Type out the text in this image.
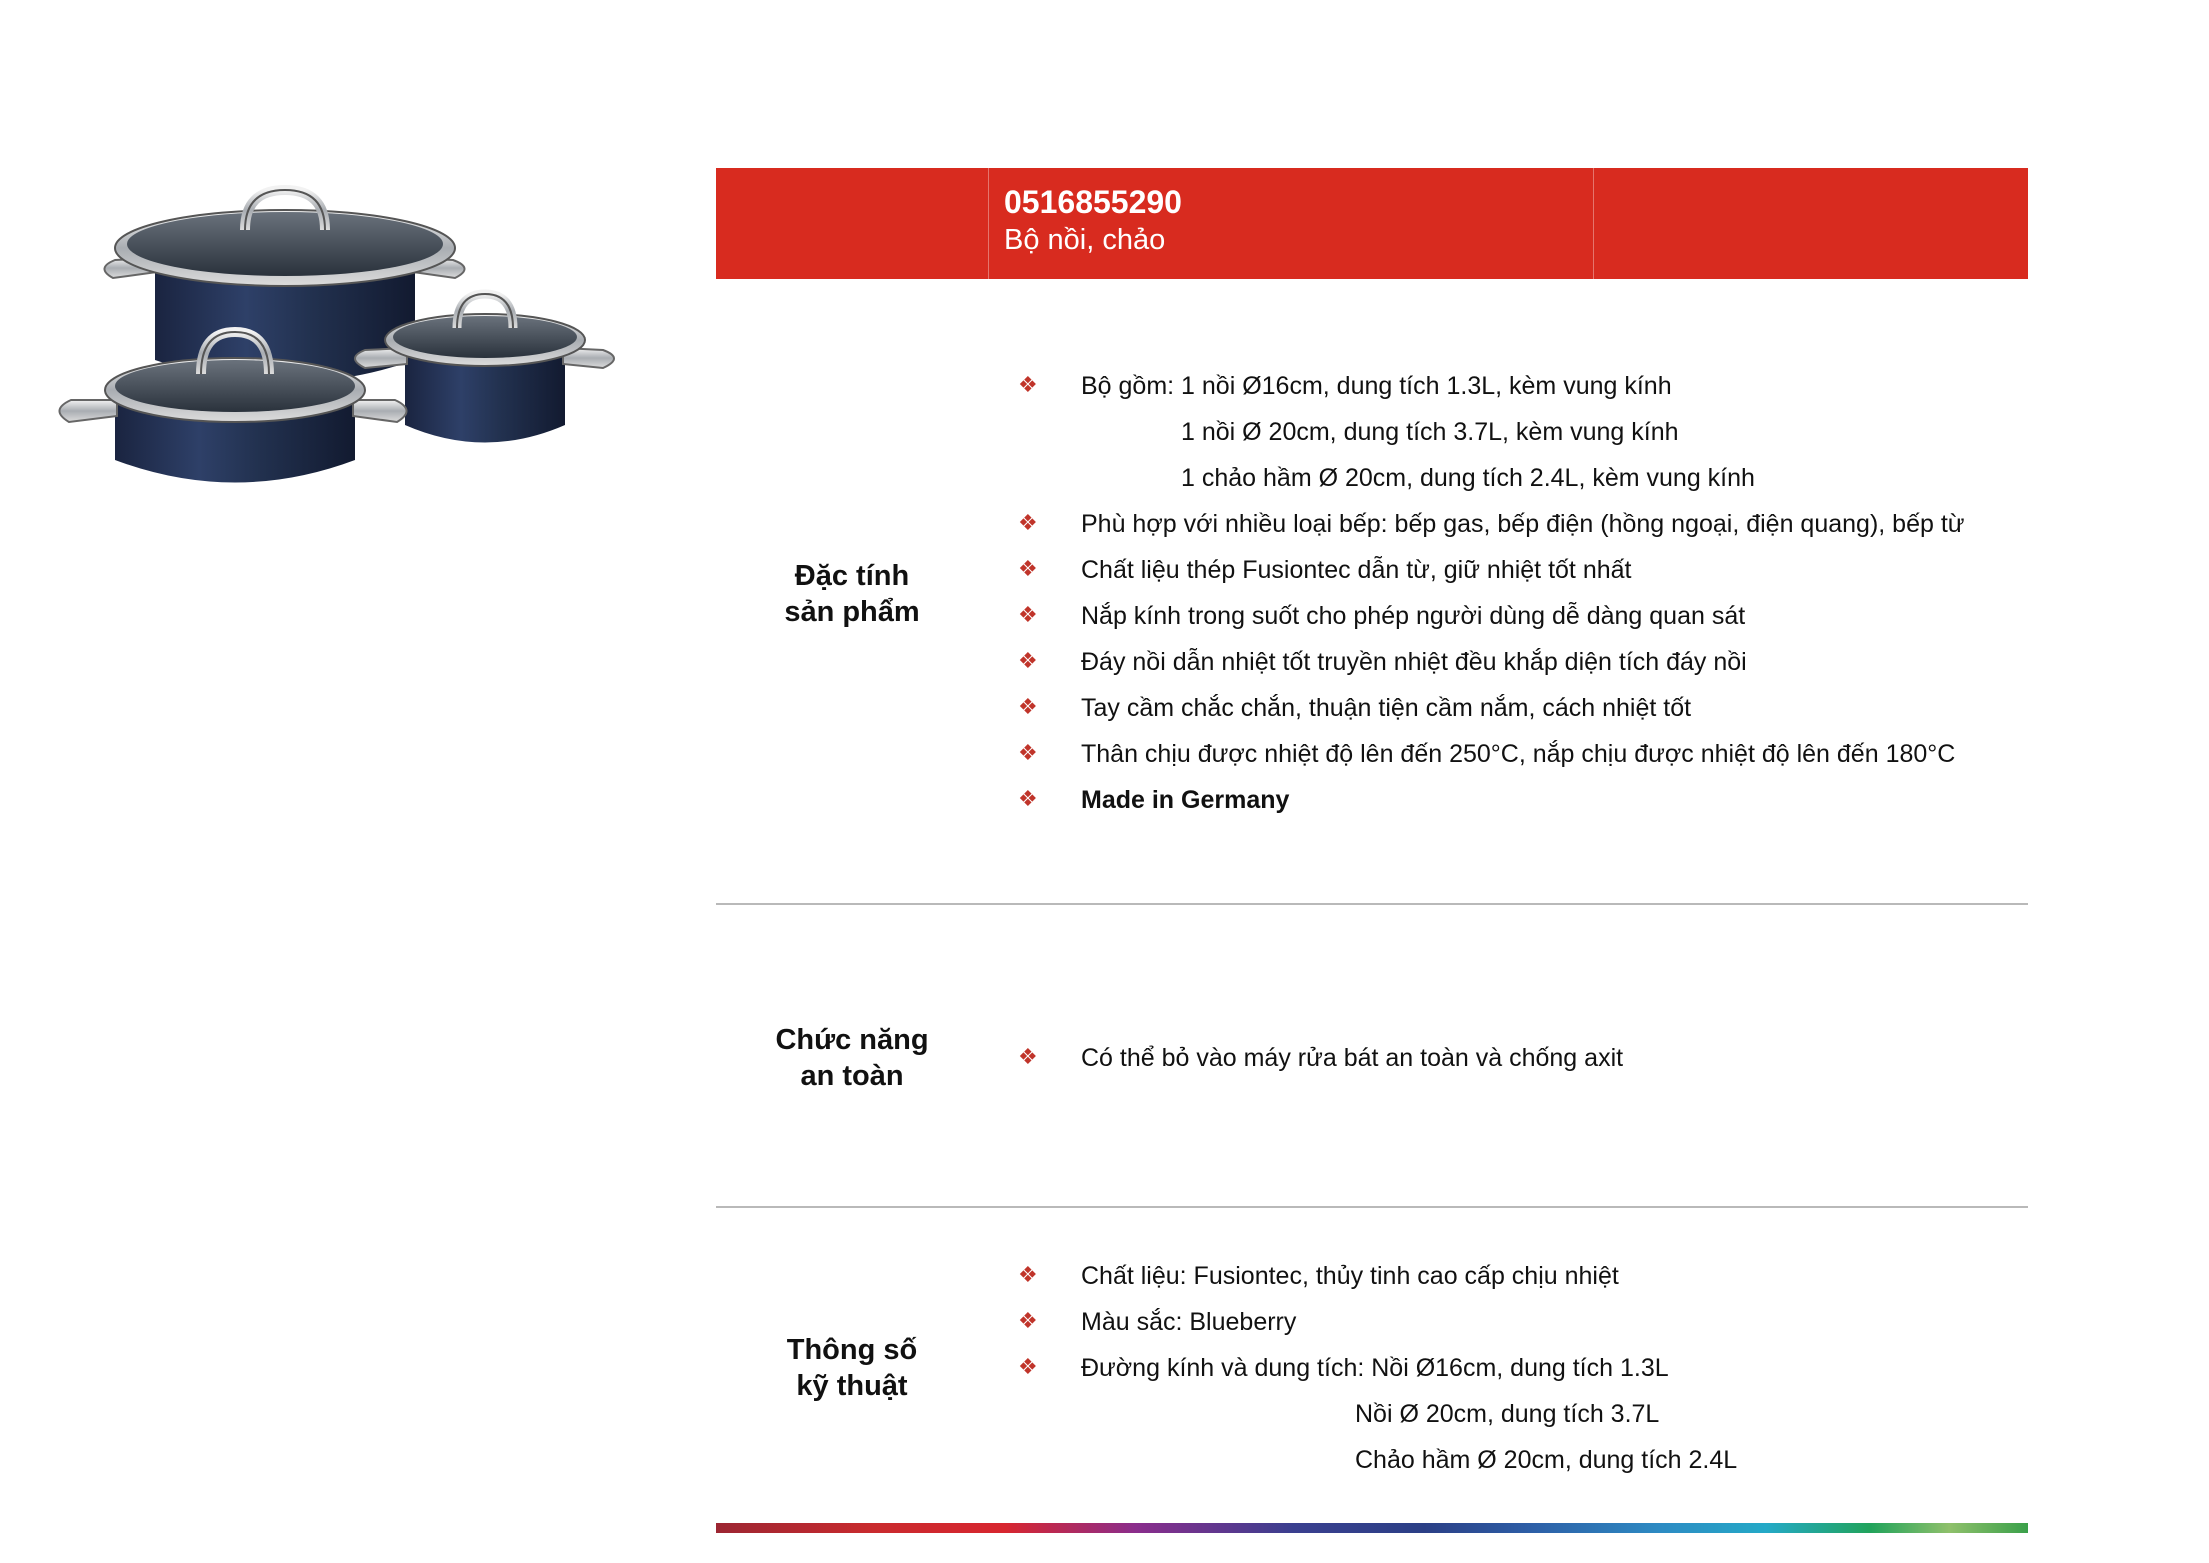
0516855290
Bộ nồi, chảo
Đặc tính
sản phẩm
❖ Bộ gồm: 1 nồi Ø16cm, dung tích 1.3L, kèm vung kính
1 nồi Ø 20cm, dung tích 3.7L, kèm vung kính
1 chảo hầm Ø 20cm, dung tích 2.4L, kèm vung kính
❖ Phù hợp với nhiều loại bếp: bếp gas, bếp điện (hồng ngoại, điện quang), bếp từ
❖ Chất liệu thép Fusiontec dẫn từ, giữ nhiệt tốt nhất
❖ Nắp kính trong suốt cho phép người dùng dễ dàng quan sát
❖ Đáy nồi dẫn nhiệt tốt truyền nhiệt đều khắp diện tích đáy nồi
❖ Tay cầm chắc chắn, thuận tiện cầm nắm, cách nhiệt tốt
❖ Thân chịu được nhiệt độ lên đến 250°C, nắp chịu được nhiệt độ lên đến 180°C
❖ Made in Germany
Chức năng
an toàn
❖ Có thể bỏ vào máy rửa bát an toàn và chống axit
Thông số
kỹ thuật
❖ Chất liệu: Fusiontec, thủy tinh cao cấp chịu nhiệt
❖ Màu sắc: Blueberry
❖ Đường kính và dung tích: Nồi Ø16cm, dung tích 1.3L
Nồi Ø 20cm, dung tích 3.7L
Chảo hầm Ø 20cm, dung tích 2.4L
